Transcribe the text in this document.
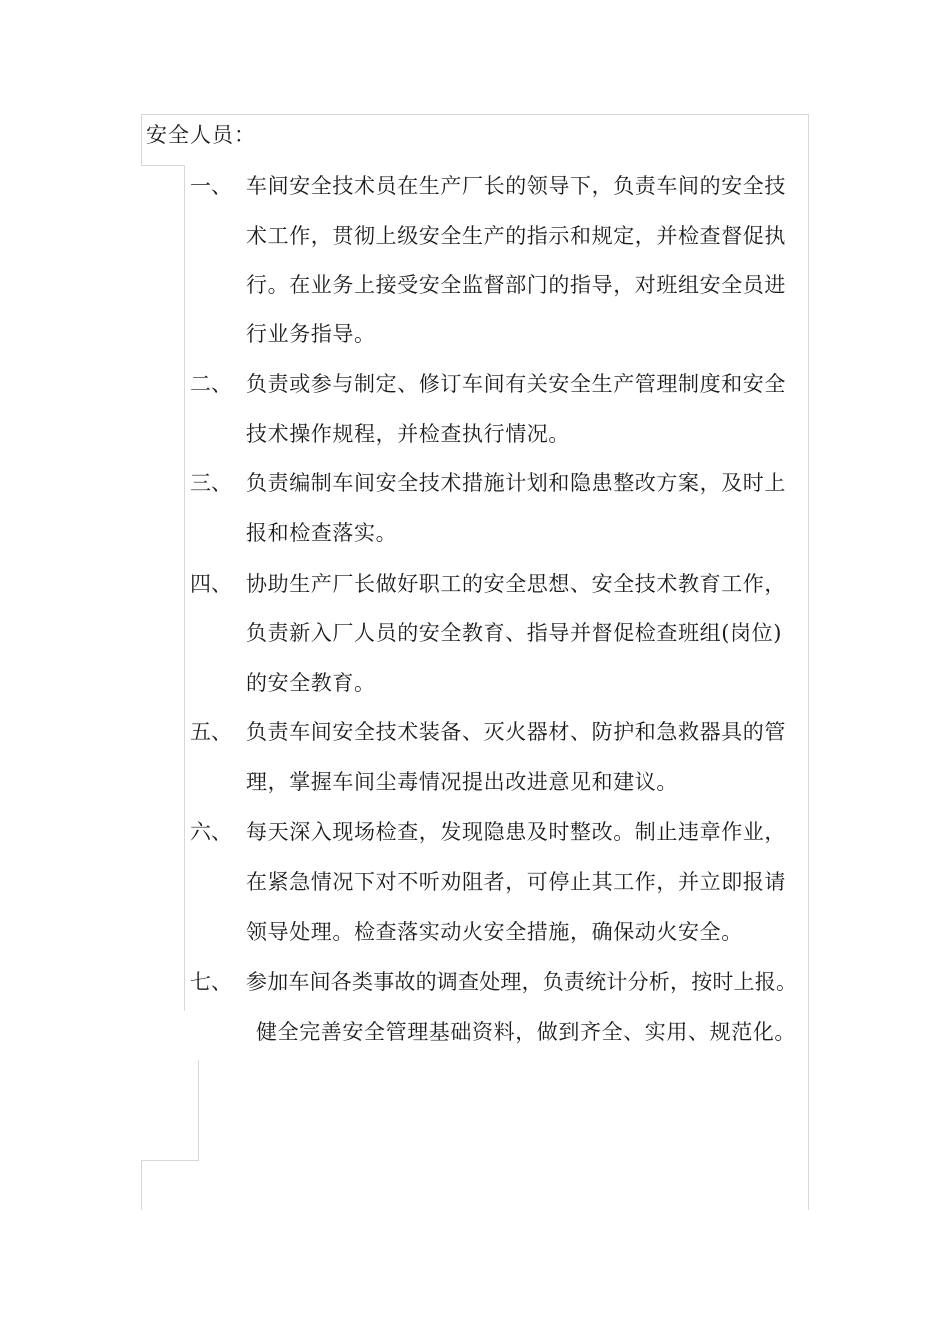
安全人员：
一、 车间安全技术员在生产厂长的领导下，负责车间的安全技
术工作，贯彻上级安全生产的指示和规定，并检查督促执
行。在业务上接受安全监督部门的指导，对班组安全员进
行业务指导。
二、 负责或参与制定、修订车间有关安全生产管理制度和安全
技术操作规程，并检查执行情况。
三、 负责编制车间安全技术措施计划和隐患整改方案，及时上
报和检查落实。
四、 协助生产厂长做好职工的安全思想、安全技术教育工作，
负责新入厂人员的安全教育、指导并督促检查班组(岗位)
的安全教育。
五、 负责车间安全技术装备、灭火器材、防护和急救器具的管
理，掌握车间尘毒情况提出改进意见和建议。
六、 每天深入现场检查，发现隐患及时整改。制止违章作业，
在紧急情况下对不听劝阻者，可停止其工作，并立即报请
领导处理。检查落实动火安全措施，确保动火安全。
七、 参加车间各类事故的调查处理，负责统计分析，按时上报。
健全完善安全管理基础资料，做到齐全、实用、规范化。
